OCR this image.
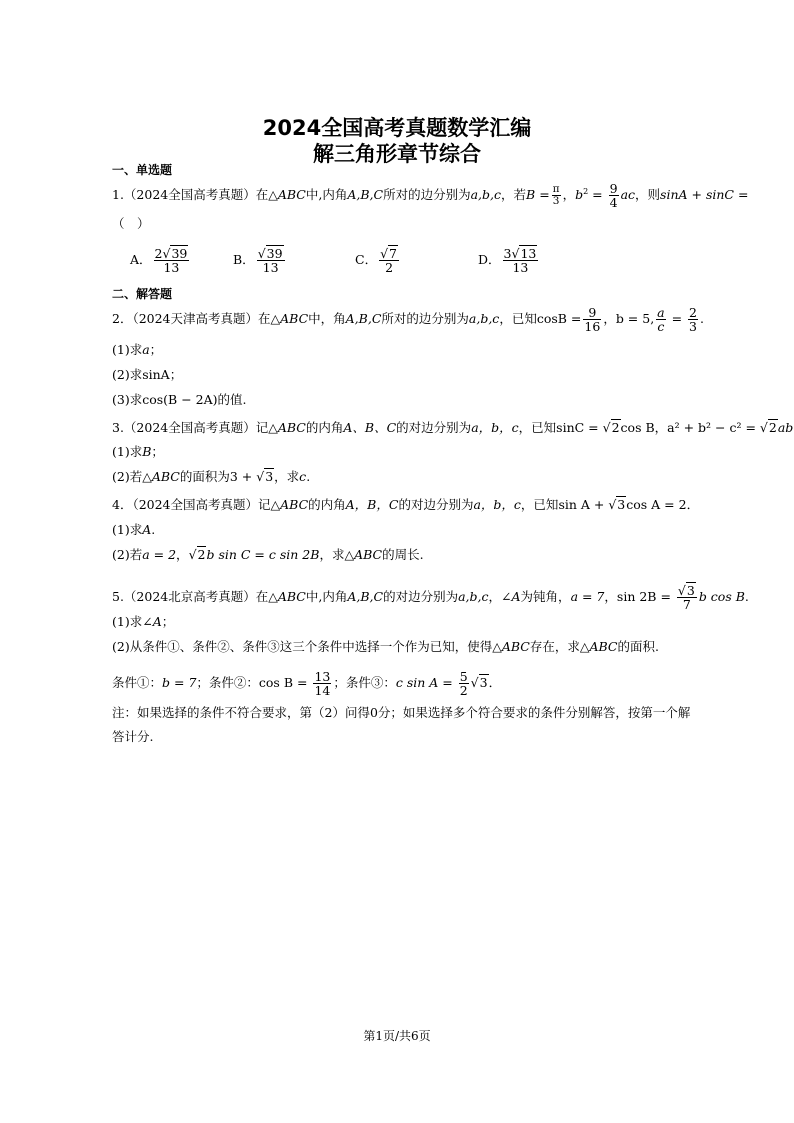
2024全国高考真题数学汇编
解三角形章节综合
一、单选题
1.（2024全国高考真题）在△ABC中,内角A,B,C所对的边分别为a,b,c，若$B = \frac{\pi}{3}$ ，$b^2 = \frac{9}{4}$ ac，则sinA + sinC =
（　）
A． $\frac{2√39}{13}$	B． $\frac{√39}{13}$	C． $\frac{√7}{2}$	D． $\frac{3√13}{13}$
二、解答题
2．（2024天津高考真题）在△ABC中，角A,B,C所对的边分别为a,b,c，已知$\cos B = \frac{9}{16}$ ，b = 5, $\frac{a}{c} = \frac{2}{3}$ .
(1)求a；
(2)求sinA；
(3)求cos(B − 2A)的值.
3.（2024全国高考真题）记△ABC的内角A、B、C的对边分别为a，b，c，已知sinC = √2cos B，a² + b² − c² = √2ab
(1)求B；
(2)若△ABC的面积为3 + √3，求c.
4．（2024全国高考真题）记△ABC的内角A，B，C的对边分别为a，b，c，已知sin A + √3cos A = 2．
(1)求A.
(2)若a = 2，√2b sin C = c sin 2B，求△ABC的周长.
5.（2024北京高考真题）在△ABC中,内角A,B,C的对边分别为a,b,c，∠A为钝角，a = 7，$\sin 2B = \frac{√3}{7}$ b cos B.
(1)求∠A；
(2)从条件①、条件②、条件③这三个条件中选择一个作为已知，使得△ABC存在，求△ABC的面积.
条件①：b = 7；条件②：$\cos B = \frac{13}{14}$ ；条件③：c $\sin A = \frac{5}{2} √3$．
注：如果选择的条件不符合要求，第（2）问得0分；如果选择多个符合要求的条件分别解答，按第一个解
答计分.
第1页/共6页
